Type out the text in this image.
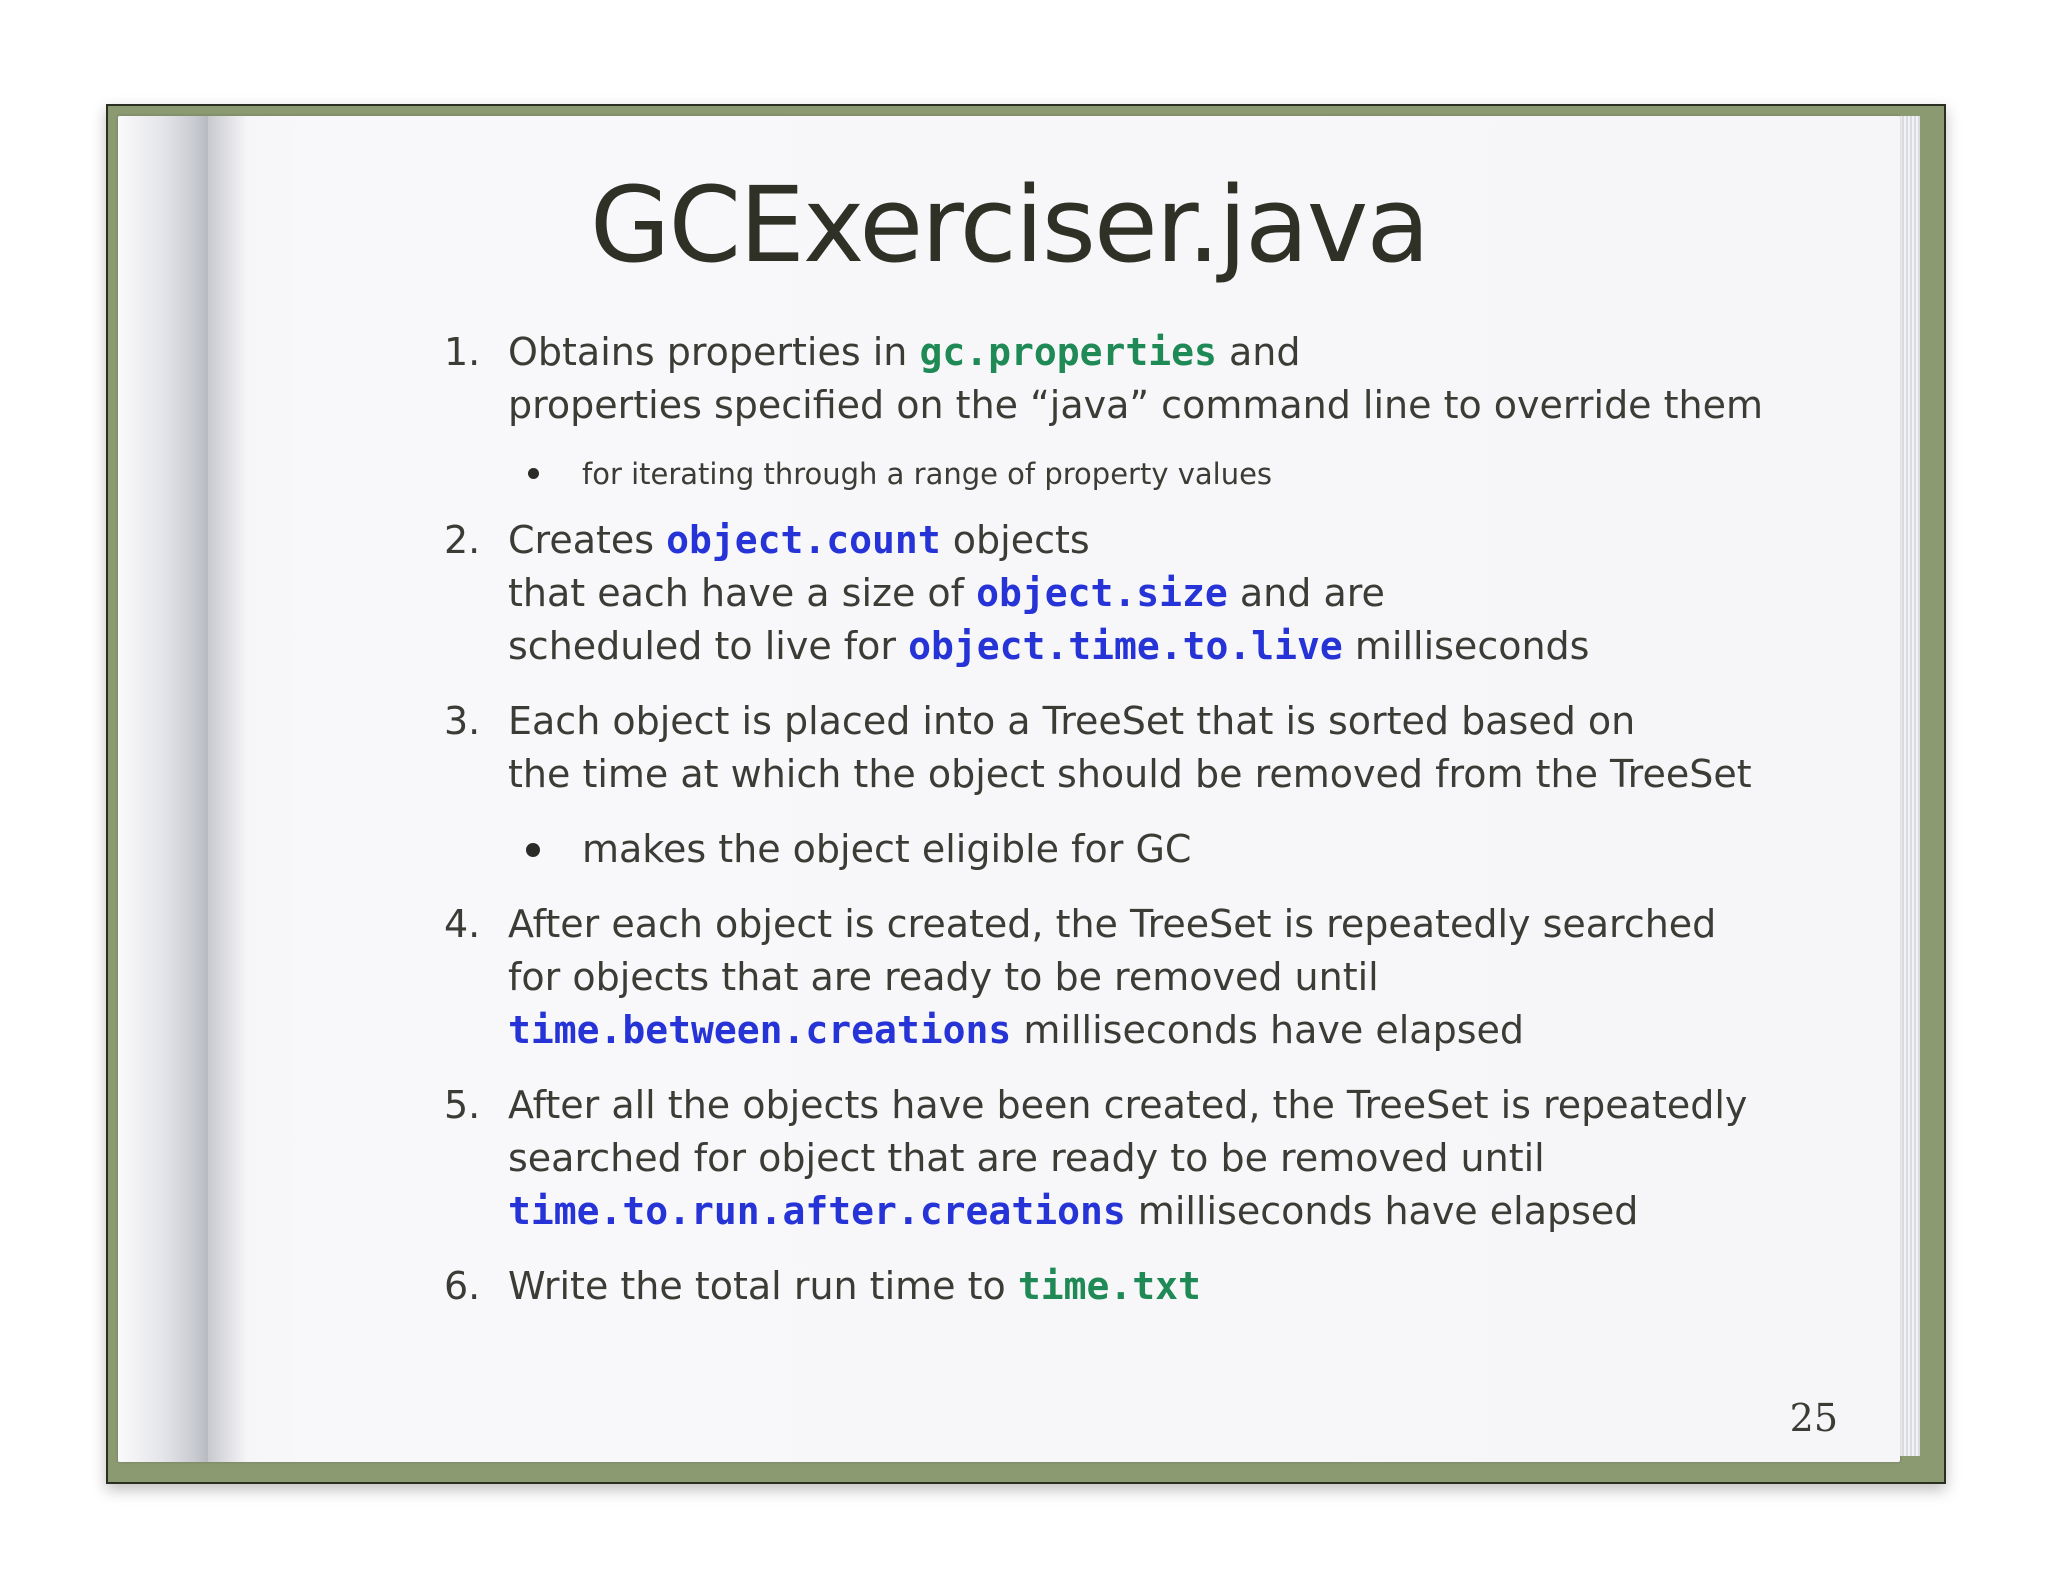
GCExerciser.java
1. Obtains properties in gc.properties and
properties specified on the “java” command line to override them
for iterating through a range of property values
2. Creates object.count objects
that each have a size of object.size and are
scheduled to live for object.time.to.live milliseconds
3. Each object is placed into a TreeSet that is sorted based on
the time at which the object should be removed from the TreeSet
makes the object eligible for GC
4. After each object is created, the TreeSet is repeatedly searched
for objects that are ready to be removed until
time.between.creations milliseconds have elapsed
5. After all the objects have been created, the TreeSet is repeatedly
searched for object that are ready to be removed until
time.to.run.after.creations milliseconds have elapsed
6. Write the total run time to time.txt
25
